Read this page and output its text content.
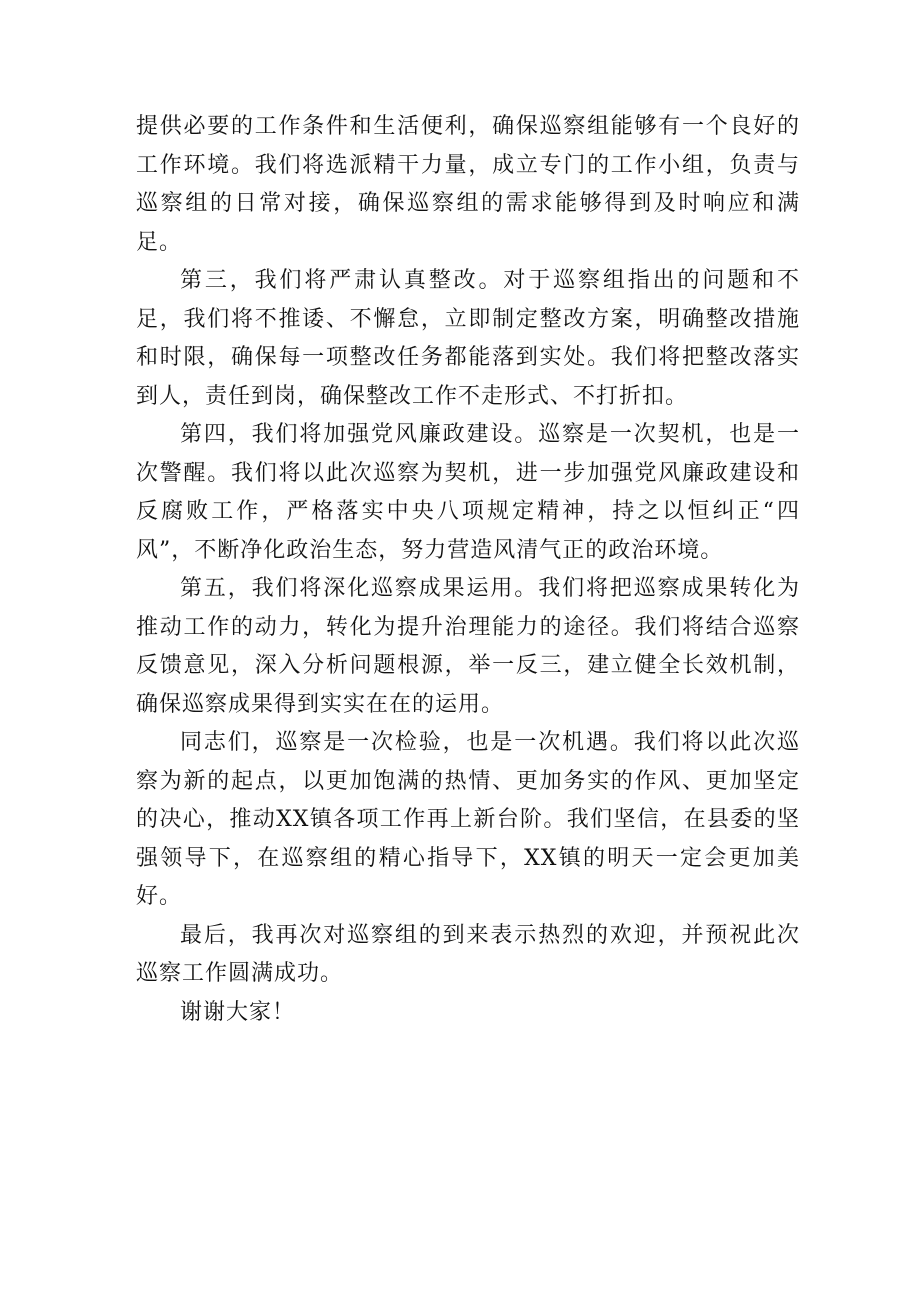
提供必要的工作条件和生活便利，确保巡察组能够有一个良好的工作环境。我们将选派精干力量，成立专门的工作小组，负责与巡察组的日常对接，确保巡察组的需求能够得到及时响应和满足。

第三，我们将严肃认真整改。对于巡察组指出的问题和不足，我们将不推诿、不懈怠，立即制定整改方案，明确整改措施和时限，确保每一项整改任务都能落到实处。我们将把整改落实到人，责任到岗，确保整改工作不走形式、不打折扣。

第四，我们将加强党风廉政建设。巡察是一次契机，也是一次警醒。我们将以此次巡察为契机，进一步加强党风廉政建设和反腐败工作，严格落实中央八项规定精神，持之以恒纠正“四风”，不断净化政治生态，努力营造风清气正的政治环境。

第五，我们将深化巡察成果运用。我们将把巡察成果转化为推动工作的动力，转化为提升治理能力的途径。我们将结合巡察反馈意见，深入分析问题根源，举一反三，建立健全长效机制，确保巡察成果得到实实在在的运用。

同志们，巡察是一次检验，也是一次机遇。我们将以此次巡察为新的起点，以更加饱满的热情、更加务实的作风、更加坚定的决心，推动XX镇各项工作再上新台阶。我们坚信，在县委的坚强领导下，在巡察组的精心指导下，XX镇的明天一定会更加美好。

最后，我再次对巡察组的到来表示热烈的欢迎，并预祝此次巡察工作圆满成功。

谢谢大家！
